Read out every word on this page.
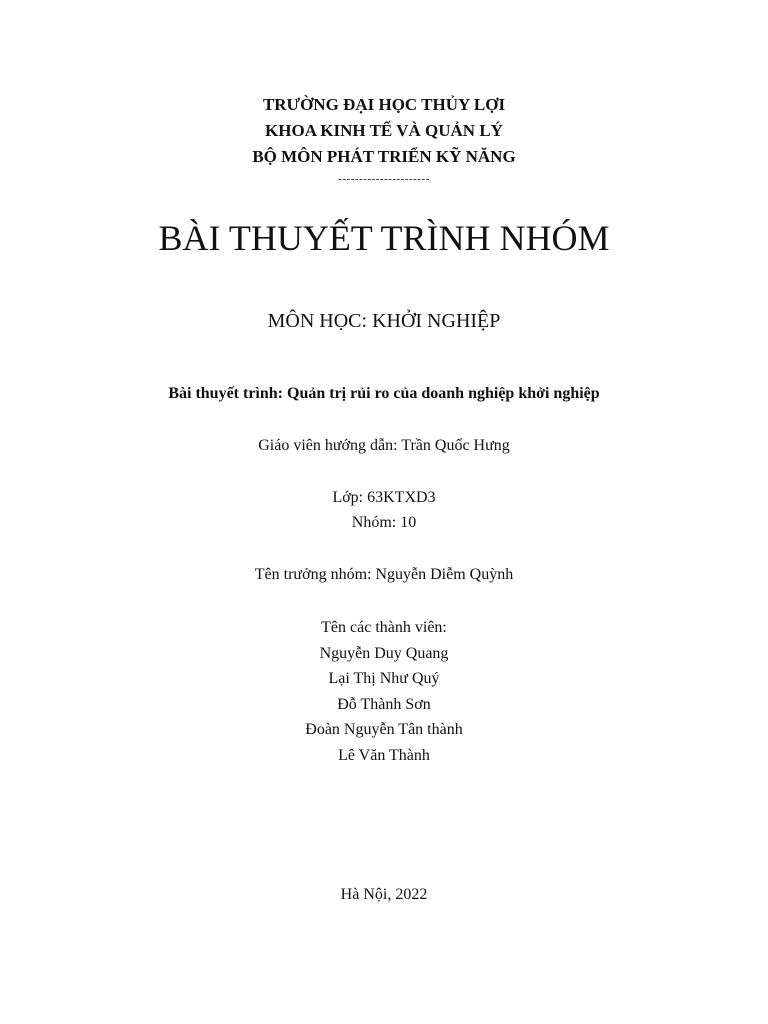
TRƯỜNG ĐẠI HỌC THỦY LỢI
KHOA KINH TẾ VÀ QUẢN LÝ
BỘ MÔN PHÁT TRIỂN KỸ NĂNG
----------------------
BÀI THUYẾT TRÌNH NHÓM
MÔN HỌC: KHỞI NGHIỆP
Bài thuyết trình: Quản trị rủi ro của doanh nghiệp khởi nghiệp
Giáo viên hướng dẫn: Trần Quốc Hưng
Lớp: 63KTXD3
Nhóm: 10
Tên trưởng nhóm: Nguyễn Diễm Quỳnh
Tên các thành viên:
Nguyễn Duy Quang
Lại Thị Như Quý
Đỗ Thành Sơn
Đoàn Nguyễn Tân thành
Lê Văn Thành
Hà Nội, 2022
